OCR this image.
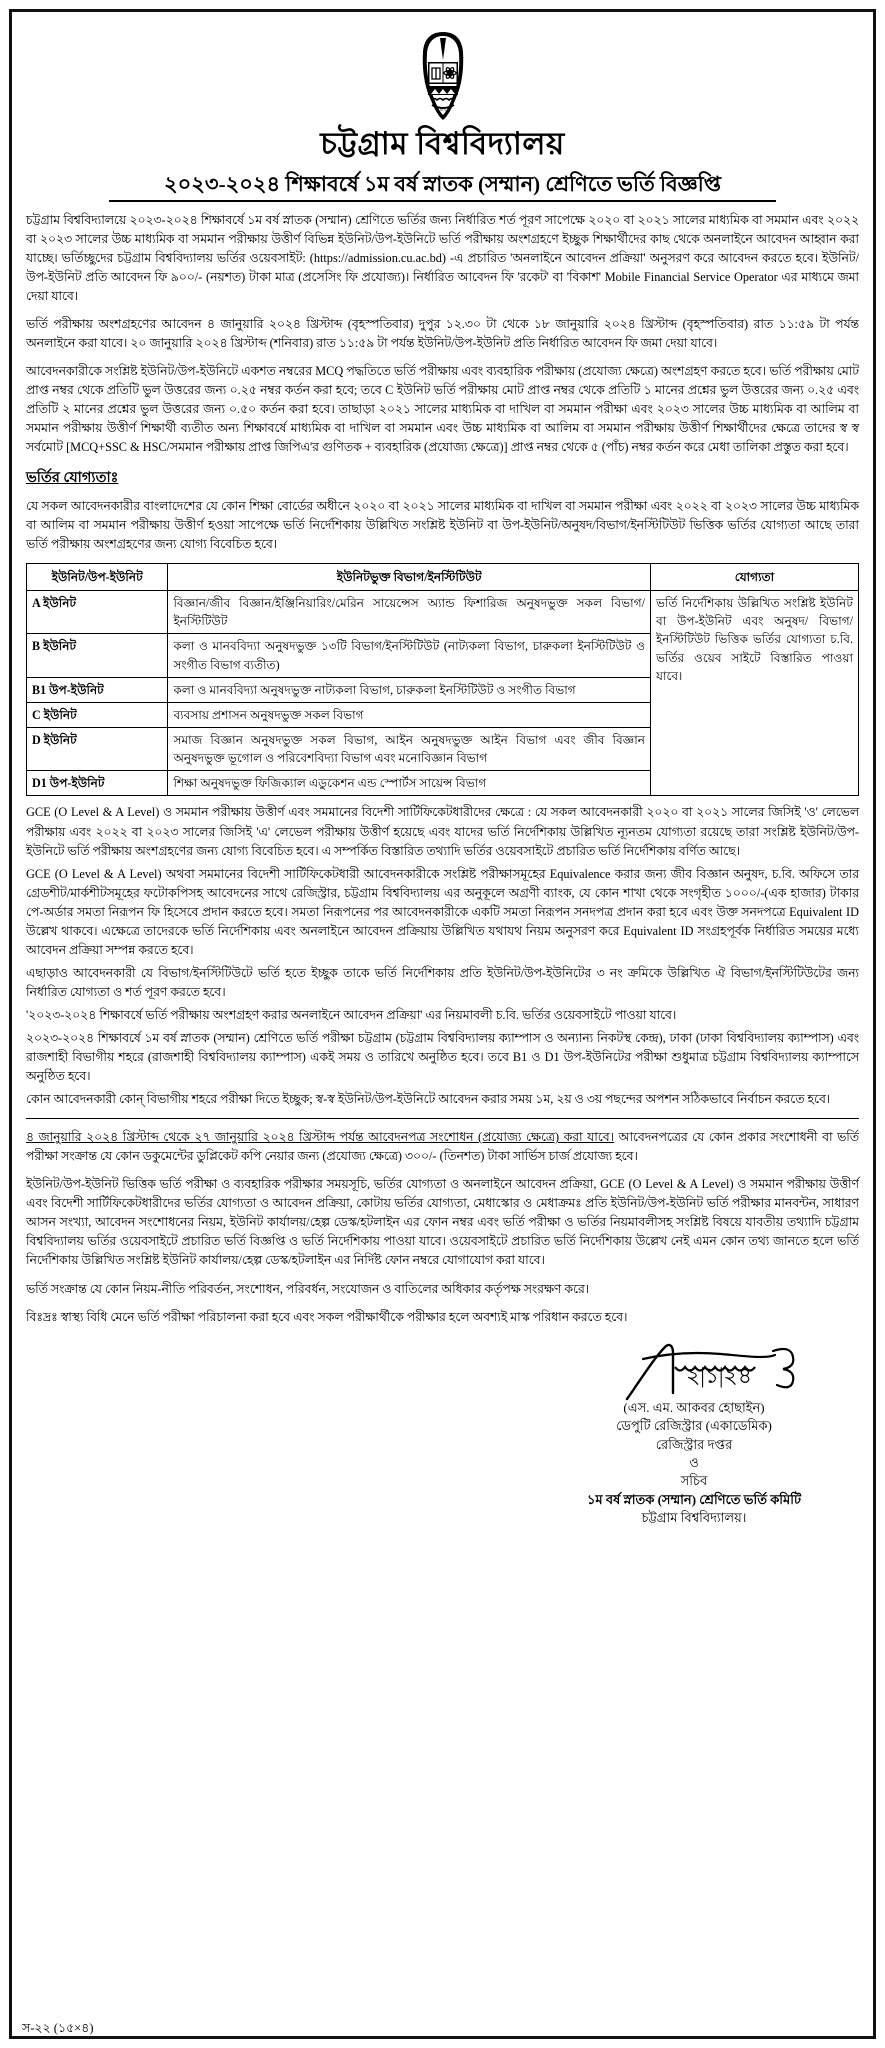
চবি
চট্টগ্রাম বিশ্ববিদ্যালয়
২০২৩-২০২৪ শিক্ষাবর্ষে ১ম বর্ষ স্নাতক (সম্মান) শ্রেণিতে ভর্তি বিজ্ঞপ্তি

চট্টগ্রাম বিশ্ববিদ্যালয়ে ২০২৩-২০২৪ শিক্ষাবর্ষে ১ম বর্ষ স্নাতক (সম্মান) শ্রেণিতে ভর্তির জন্য নির্ধারিত শর্ত পূরণ সাপেক্ষে ২০২০ বা ২০২১ সালের মাধ্যমিক বা সমমান এবং ২০২২ বা ২০২৩ সালের উচ্চ মাধ্যমিক বা সমমান পরীক্ষায় উত্তীর্ণ বিভিন্ন ইউনিট/উপ-ইউনিটে ভর্তি পরীক্ষায় অংশগ্রহণে ইচ্ছুক শিক্ষার্থীদের কাছ থেকে অনলাইনে আবেদন আহ্বান করা যাচ্ছে। ভর্তিচ্ছুদের চট্টগ্রাম বিশ্ববিদ্যালয় ভর্তির ওয়েবসাইট: (https://admission.cu.ac.bd) -এ প্রচারিত 'অনলাইনে আবেদন প্রক্রিয়া' অনুসরণ করে আবেদন করতে হবে। ইউনিট/উপ-ইউনিট প্রতি আবেদন ফি ৯০০/- (নয়শত) টাকা মাত্র (প্রসেসিং ফি প্রযোজ্য)। নির্ধারিত আবেদন ফি 'রকেট' বা 'বিকাশ' Mobile Financial Service Operator এর মাধ্যমে জমা দেয়া যাবে।

ভর্তি পরীক্ষায় অংশগ্রহণের আবেদন ৪ জানুয়ারি ২০২৪ খ্রিস্টাব্দ (বৃহস্পতিবার) দুপুর ১২.৩০ টা থেকে ১৮ জানুয়ারি ২০২৪ খ্রিস্টাব্দ (বৃহস্পতিবার) রাত ১১:৫৯ টা পর্যন্ত অনলাইনে করা যাবে। ২০ জানুয়ারি ২০২৪ খ্রিস্টাব্দ (শনিবার) রাত ১১:৫৯ টা পর্যন্ত ইউনিট/উপ-ইউনিট প্রতি নির্ধারিত আবেদন ফি জমা দেয়া যাবে।

আবেদনকারীকে সংশ্লিষ্ট ইউনিট/উপ-ইউনিটে একশত নম্বরের MCQ পদ্ধতিতে ভর্তি পরীক্ষায় এবং ব্যবহারিক পরীক্ষায় (প্রযোজ্য ক্ষেত্রে) অংশগ্রহণ করতে হবে। ভর্তি পরীক্ষায় মোট প্রাপ্ত নম্বর থেকে প্রতিটি ভুল উত্তরের জন্য ০.২৫ নম্বর কর্তন করা হবে; তবে C ইউনিট ভর্তি পরীক্ষায় মোট প্রাপ্ত নম্বর থেকে প্রতিটি ১ মানের প্রশ্নের ভুল উত্তরের জন্য ০.২৫ এবং প্রতিটি ২ মানের প্রশ্নের ভুল উত্তরের জন্য ০.৫০ কর্তন করা হবে। তাছাড়া ২০২১ সালের মাধ্যমিক বা দাখিল বা সমমান পরীক্ষা এবং ২০২৩ সালের উচ্চ মাধ্যমিক বা আলিম বা সমমান পরীক্ষায় উত্তীর্ণ শিক্ষার্থী ব্যতীত অন্য শিক্ষাবর্ষে মাধ্যমিক বা দাখিল বা সমমান এবং উচ্চ মাধ্যমিক বা আলিম বা সমমান পরীক্ষায় উত্তীর্ণ শিক্ষার্থীদের ক্ষেত্রে তাদের স্ব স্ব সর্বমোট [MCQ+SSC & HSC/সমমান পরীক্ষায় প্রাপ্ত জিপিএ'র গুণিতক + ব্যবহারিক (প্রযোজ্য ক্ষেত্রে)] প্রাপ্ত নম্বর থেকে ৫ (পাঁচ) নম্বর কর্তন করে মেধা তালিকা প্রস্তুত করা হবে।

ভর্তির যোগ্যতাঃ

যে সকল আবেদনকারীর বাংলাদেশের যে কোন শিক্ষা বোর্ডের অধীনে ২০২০ বা ২০২১ সালের মাধ্যমিক বা দাখিল বা সমমান পরীক্ষা এবং ২০২২ বা ২০২৩ সালের উচ্চ মাধ্যমিক বা আলিম বা সমমান পরীক্ষায় উত্তীর্ণ হওয়া সাপেক্ষে ভর্তি নির্দেশিকায় উল্লিখিত সংশ্লিষ্ট ইউনিট বা উপ-ইউনিট/অনুষদ/বিভাগ/ইনস্টিটিউট ভিত্তিক ভর্তির যোগ্যতা আছে তারা ভর্তি পরীক্ষায় অংশগ্রহণের জন্য যোগ্য বিবেচিত হবে।

ইউনিট/উপ-ইউনিট	ইউনিটভুক্ত বিভাগ/ইনস্টিটিউট	যোগ্যতা
A ইউনিট	বিজ্ঞান/জীব বিজ্ঞান/ইঞ্জিনিয়ারিং/মেরিন সায়েন্সেস অ্যান্ড ফিশারিজ অনুষদভুক্ত সকল বিভাগ/ইনস্টিটিউট	ভর্তি নির্দেশিকায় উল্লিখিত সংশ্লিষ্ট ইউনিট বা উপ-ইউনিট এবং অনুষদ/ বিভাগ/ইনস্টিটিউট ভিত্তিক ভর্তির যোগ্যতা চ.বি. ভর্তির ওয়েব সাইটে বিস্তারিত পাওয়া যাবে।
B ইউনিট	কলা ও মানববিদ্যা অনুষদভুক্ত ১৩টি বিভাগ/ইনস্টিটিউট (নাট্যকলা বিভাগ, চারুকলা ইনস্টিটিউট ও সংগীত বিভাগ ব্যতীত)	
B1 উপ-ইউনিট	কলা ও মানববিদ্যা অনুষদভুক্ত নাট্যকলা বিভাগ, চারুকলা ইনস্টিটিউট ও সংগীত বিভাগ	
C ইউনিট	ব্যবসায় প্রশাসন অনুষদভুক্ত সকল বিভাগ	
D ইউনিট	সমাজ বিজ্ঞান অনুষদভুক্ত সকল বিভাগ, আইন অনুষদভুক্ত আইন বিভাগ এবং জীব বিজ্ঞান অনুষদভুক্ত ভূগোল ও পরিবেশবিদ্যা বিভাগ এবং মনোবিজ্ঞান বিভাগ	
D1 উপ-ইউনিট	শিক্ষা অনুষদভুক্ত ফিজিক্যাল এডুকেশন এন্ড স্পোর্টস সায়েন্স বিভাগ	

GCE (O Level & A Level) ও সমমান পরীক্ষায় উত্তীর্ণ এবং সমমানের বিদেশী সার্টিফিকেটধারীদের ক্ষেত্রে : যে সকল আবেদনকারী ২০২০ বা ২০২১ সালের জিসিই 'ও' লেভেল পরীক্ষায় এবং ২০২২ বা ২০২৩ সালের জিসিই 'এ' লেভেল পরীক্ষায় উত্তীর্ণ হয়েছে এবং যাদের ভর্তি নির্দেশিকায় উল্লিখিত ন্যূনতম যোগ্যতা রয়েছে তারা সংশ্লিষ্ট ইউনিট/উপ-ইউনিটে ভর্তি পরীক্ষায় অংশগ্রহণের জন্য যোগ্য বিবেচিত হবে। এ সম্পর্কিত বিস্তারিত তথ্যাদি ভর্তির ওয়েবসাইটে প্রচারিত ভর্তি নির্দেশিকায় বর্ণিত আছে।

GCE (O Level & A Level) অথবা সমমানের বিদেশী সার্টিফিকেটধারী আবেদনকারীকে সংশ্লিষ্ট পরীক্ষাসমূহের Equivalence করার জন্য জীব বিজ্ঞান অনুষদ, চ.বি. অফিসে তার গ্রেডশীট/মার্কশীটসমূহের ফটোকপিসহ আবেদনের সাথে রেজিস্ট্রার, চট্টগ্রাম বিশ্ববিদ্যালয় এর অনুকূলে অগ্রণী ব্যাংক, যে কোন শাখা থেকে সংগৃহীত ১০০০/-(এক হাজার) টাকার পে-অর্ডার সমতা নিরূপন ফি হিসেবে প্রদান করতে হবে। সমতা নিরূপনের পর আবেদনকারীকে একটি সমতা নিরূপন সনদপত্র প্রদান করা হবে এবং উক্ত সনদপত্রে Equivalent ID উল্লেখ থাকবে। এক্ষেত্রে তাদেরকে ভর্তি নির্দেশিকায় এবং অনলাইনে আবেদন প্রক্রিয়ায় উল্লিখিত যথাযথ নিয়ম অনুসরণ করে Equivalent ID সংগ্রহপূর্বক নির্ধারিত সময়ের মধ্যে আবেদন প্রক্রিয়া সম্পন্ন করতে হবে।

এছাড়াও আবেদনকারী যে বিভাগ/ইনস্টিটিউটে ভর্তি হতে ইচ্ছুক তাকে ভর্তি নির্দেশিকায় প্রতি ইউনিট/উপ-ইউনিটের ৩ নং ক্রমিকে উল্লিখিত ঐ বিভাগ/ইনস্টিটিউটের জন্য নির্ধারিত যোগ্যতা ও শর্ত পূরণ করতে হবে।

'২০২৩-২০২৪ শিক্ষাবর্ষে ভর্তি পরীক্ষায় অংশগ্রহণ করার অনলাইনে আবেদন প্রক্রিয়া' এর নিয়মাবলী চ.বি. ভর্তির ওয়েবসাইটে পাওয়া যাবে।

২০২৩-২০২৪ শিক্ষাবর্ষে ১ম বর্ষ স্নাতক (সম্মান) শ্রেণিতে ভর্তি পরীক্ষা চট্টগ্রাম (চট্টগ্রাম বিশ্ববিদ্যালয় ক্যাম্পাস ও অন্যান্য নিকটস্থ কেন্দ্র), ঢাকা (ঢাকা বিশ্ববিদ্যালয় ক্যাম্পাস) এবং রাজশাহী বিভাগীয় শহরে (রাজশাহী বিশ্ববিদ্যালয় ক্যাম্পাস) একই সময় ও তারিখে অনুষ্ঠিত হবে। তবে B1 ও D1 উপ-ইউনিটের পরীক্ষা শুধুমাত্র চট্টগ্রাম বিশ্ববিদ্যালয় ক্যাম্পাসে অনুষ্ঠিত হবে।

কোন আবেদনকারী কোন্ বিভাগীয় শহরে পরীক্ষা দিতে ইচ্ছুক; স্ব-স্ব ইউনিট/উপ-ইউনিটে আবেদন করার সময় ১ম, ২য় ও ৩য় পছন্দের অপশন সঠিকভাবে নির্বাচন করতে হবে।

৪ জানুয়ারি ২০২৪ খ্রিস্টাব্দ থেকে ২৭ জানুয়ারি ২০২৪ খ্রিস্টাব্দ পর্যন্ত আবেদনপত্র সংশোধন (প্রযোজ্য ক্ষেত্রে) করা যাবে। আবেদনপত্রের যে কোন প্রকার সংশোধনী বা ভর্তি পরীক্ষা সংক্রান্ত যে কোন ডকুমেন্টের ডুপ্লিকেট কপি নেয়ার জন্য (প্রযোজ্য ক্ষেত্রে) ৩০০/- (তিনশত) টাকা সার্ভিস চার্জ প্রযোজ্য হবে।

ইউনিট/উপ-ইউনিট ভিত্তিক ভর্তি পরীক্ষা ও ব্যবহারিক পরীক্ষার সময়সূচি, ভর্তির যোগ্যতা ও অনলাইনে আবেদন প্রক্রিয়া, GCE (O Level & A Level) ও সমমান পরীক্ষায় উত্তীর্ণ এবং বিদেশী সার্টিফিকেটধারীদের ভর্তির যোগ্যতা ও আবেদন প্রক্রিয়া, কোটায় ভর্তির যোগ্যতা, মেধাস্কোর ও মেধাক্রমঃ প্রতি ইউনিট/উপ-ইউনিট ভর্তি পরীক্ষার মানবন্টন, সাধারণ আসন সংখ্যা, আবেদন সংশোধনের নিয়ম, ইউনিট কার্যালয়/হেল্প ডেস্ক/হটলাইন এর ফোন নম্বর এবং ভর্তি পরীক্ষা ও ভর্তির নিয়মাবলীসহ সংশ্লিষ্ট বিষয়ে যাবতীয় তথ্যাদি চট্টগ্রাম বিশ্ববিদ্যালয় ভর্তির ওয়েবসাইটে প্রচারিত ভর্তি বিজ্ঞপ্তি ও ভর্তি নির্দেশিকায় পাওয়া যাবে। ওয়েবসাইটে প্রচারিত ভর্তি নির্দেশিকায় উল্লেখ নেই এমন কোন তথ্য জানতে হলে ভর্তি নির্দেশিকায় উল্লিখিত সংশ্লিষ্ট ইউনিট কার্যালয়/হেল্প ডেস্ক/হটলাইন এর নির্দিষ্ট ফোন নম্বরে যোগাযোগ করা যাবে।

ভর্তি সংক্রান্ত যে কোন নিয়ম-নীতি পরিবর্তন, সংশোধন, পরিবর্ধন, সংযোজন ও বাতিলের অধিকার কর্তৃপক্ষ সংরক্ষণ করে।

বিঃদ্রঃ স্বাস্থ্য বিধি মেনে ভর্তি পরীক্ষা পরিচালনা করা হবে এবং সকল পরীক্ষার্থীকে পরীক্ষার হলে অবশ্যই মাস্ক পরিধান করতে হবে।

২|১|২৪
(এস. এম. আকবর হোছাইন)
ডেপুটি রেজিস্ট্রার (একাডেমিক)
রেজিস্ট্রার দপ্তর
ও
সচিব
১ম বর্ষ স্নাতক (সম্মান) শ্রেণিতে ভর্তি কমিটি
চট্টগ্রাম বিশ্ববিদ্যালয়।
স-২২ (১৫×৪)
